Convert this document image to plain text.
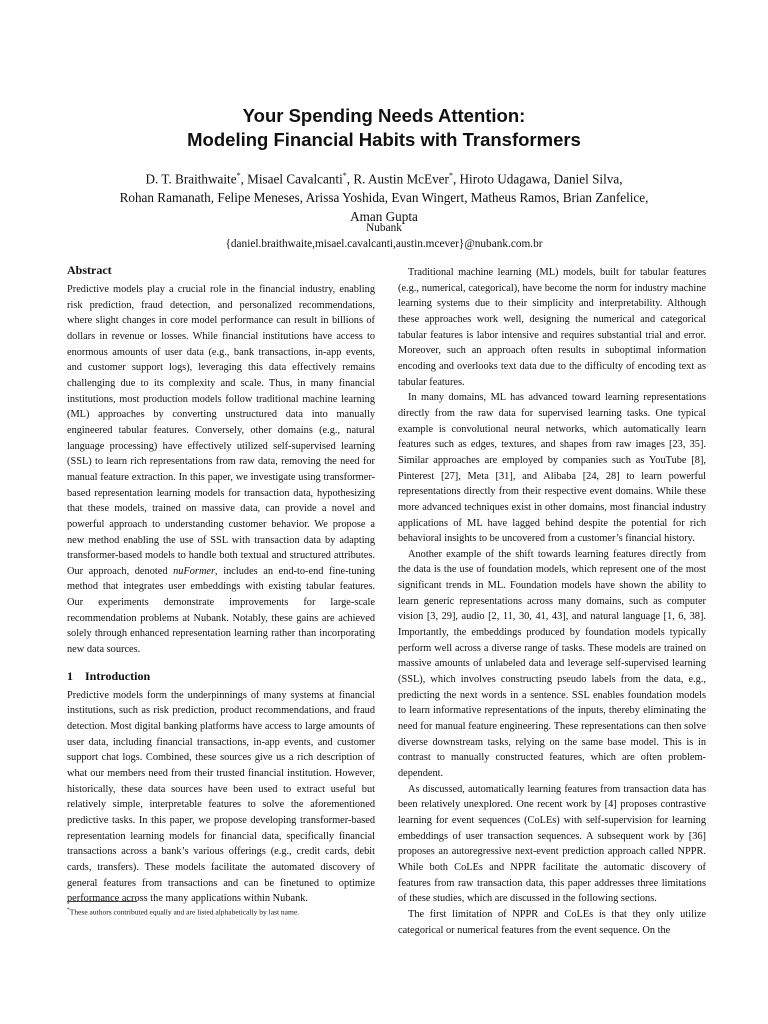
Your Spending Needs Attention:
Modeling Financial Habits with Transformers
D. T. Braithwaite*, Misael Cavalcanti*, R. Austin McEver*, Hiroto Udagawa, Daniel Silva,
Rohan Ramanath, Felipe Meneses, Arissa Yoshida, Evan Wingert, Matheus Ramos, Brian Zanfelice,
Aman Gupta
Nubank
{daniel.braithwaite,misael.cavalcanti,austin.mcever}@nubank.com.br
Abstract

Predictive models play a crucial role in the financial industry, enabling risk prediction, fraud detection, and personalized recommendations, where slight changes in core model performance can result in billions of dollars in revenue or losses. While financial institutions have access to enormous amounts of user data (e.g., bank transactions, in-app events, and customer support logs), leveraging this data effectively remains challenging due to its complexity and scale. Thus, in many financial institutions, most production models follow traditional machine learning (ML) approaches by converting unstructured data into manually engineered tabular features. Conversely, other domains (e.g., natural language processing) have effectively utilized self-supervised learning (SSL) to learn rich representations from raw data, removing the need for manual feature extraction. In this paper, we investigate using transformer-based representation learning models for transaction data, hypothesizing that these models, trained on massive data, can provide a novel and powerful approach to understanding customer behavior. We propose a new method enabling the use of SSL with transaction data by adapting transformer-based models to handle both textual and structured attributes. Our approach, denoted nuFormer, includes an end-to-end fine-tuning method that integrates user embeddings with existing tabular features. Our experiments demonstrate improvements for large-scale recommendation problems at Nubank. Notably, these gains are achieved solely through enhanced representation learning rather than incorporating new data sources.

1 Introduction

Predictive models form the underpinnings of many systems at financial institutions, such as risk prediction, product recommendations, and fraud detection. Most digital banking platforms have access to large amounts of user data, including financial transactions, in-app events, and customer support chat logs. Combined, these sources give us a rich description of what our members need from their trusted financial institution. However, historically, these data sources have been used to extract useful but relatively simple, interpretable features to solve the aforementioned predictive tasks. In this paper, we propose developing transformer-based representation learning models for financial data, specifically financial transactions across a bank’s various offerings (e.g., credit cards, debit cards, transfers). These models facilitate the automated discovery of general features from transactions and can be finetuned to optimize performance across the many applications within Nubank.

Traditional machine learning (ML) models, built for tabular features (e.g., numerical, categorical), have become the norm for industry machine learning systems due to their simplicity and interpretability. Although these approaches work well, designing the numerical and categorical tabular features is labor intensive and requires substantial trial and error. Moreover, such an approach often results in suboptimal information encoding and overlooks text data due to the difficulty of encoding text as tabular features.

In many domains, ML has advanced toward learning representations directly from the raw data for supervised learning tasks. One typical example is convolutional neural networks, which automatically learn features such as edges, textures, and shapes from raw images [23, 35]. Similar approaches are employed by companies such as YouTube [8], Pinterest [27], Meta [31], and Alibaba [24, 28] to learn powerful representations directly from their respective event domains. While these more advanced techniques exist in other domains, most financial industry applications of ML have lagged behind despite the potential for rich behavioral insights to be uncovered from a customer’s financial history.

Another example of the shift towards learning features directly from the data is the use of foundation models, which represent one of the most significant trends in ML. Foundation models have shown the ability to learn generic representations across many domains, such as computer vision [3, 29], audio [2, 11, 30, 41, 43], and natural language [1, 6, 38]. Importantly, the embeddings produced by foundation models typically perform well across a diverse range of tasks. These models are trained on massive amounts of unlabeled data and leverage self-supervised learning (SSL), which involves constructing pseudo labels from the data, e.g., predicting the next words in a sentence. SSL enables foundation models to learn informative representations of the inputs, thereby eliminating the need for manual feature engineering. These representations can then solve diverse downstream tasks, relying on the same base model. This is in contrast to manually constructed features, which are often problem-dependent.

As discussed, automatically learning features from transaction data has been relatively unexplored. One recent work by [4] proposes contrastive learning for event sequences (CoLEs) with self-supervision for learning embeddings of user transaction sequences. A subsequent work by [36] proposes an autoregressive next-event prediction approach called NPPR. While both CoLEs and NPPR facilitate the automatic discovery of features from raw transaction data, this paper addresses three limitations of these studies, which are discussed in the following sections.

The first limitation of NPPR and CoLEs is that they only utilize categorical or numerical features from the event sequence. On the

*These authors contributed equally and are listed alphabetically by last name.
